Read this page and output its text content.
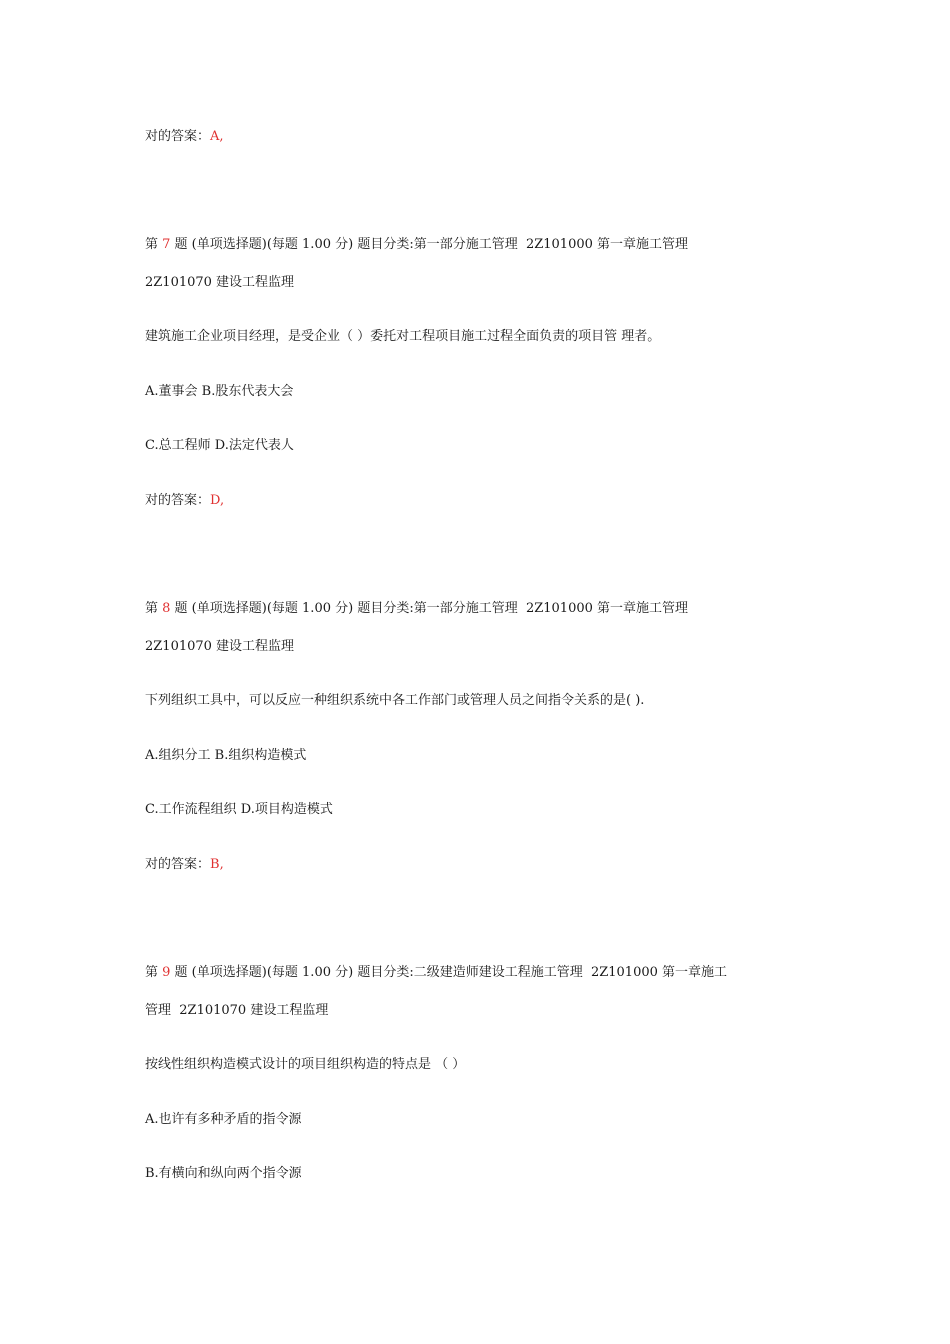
对的答案：A,
第 7 题 (单项选择题)(每题 1.00 分) 题目分类:第一部分施工管理  2Z101000 第一章施工管理
2Z101070 建设工程监理
建筑施工企业项目经理，是受企业（ ）委托对工程项目施工过程全面负责的项目管 理者。
A.董事会 B.股东代表大会
C.总工程师 D.法定代表人
对的答案：D,
第 8 题 (单项选择题)(每题 1.00 分) 题目分类:第一部分施工管理  2Z101000 第一章施工管理
2Z101070 建设工程监理
下列组织工具中，可以反应一种组织系统中各工作部门或管理人员之间指令关系的是( ).
A.组织分工 B.组织构造模式
C.工作流程组织 D.项目构造模式
对的答案：B,
第 9 题 (单项选择题)(每题 1.00 分) 题目分类:二级建造师建设工程施工管理  2Z101000 第一章施工
管理  2Z101070 建设工程监理
按线性组织构造模式设计的项目组织构造的特点是 （ ）
A.也许有多种矛盾的指令源
B.有横向和纵向两个指令源
